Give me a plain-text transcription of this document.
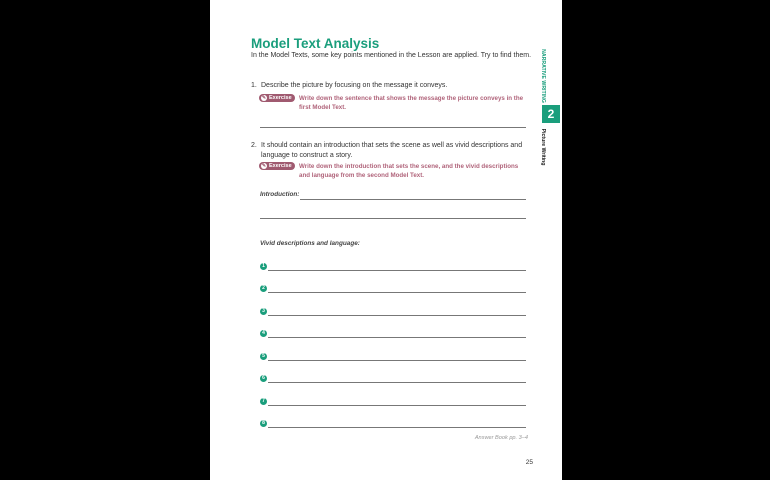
Model Text Analysis
In the Model Texts, some key points mentioned in the Lesson are applied. Try to find them.
1. Describe the picture by focusing on the message it conveys.
✎ Exercise	Write down the sentence that shows the message the picture conveys in the first Model Text.
2. It should contain an introduction that sets the scene as well as vivid descriptions and language to construct a story.
✎ Exercise	Write down the introduction that sets the scene, and the vivid descriptions and language from the second Model Text.
Introduction:
Vivid descriptions and language:
1
2
3
4
5
6
7
8
Answer Book pp. 3–4
25
NARRATIVE WRITING
2
Picture Writing
